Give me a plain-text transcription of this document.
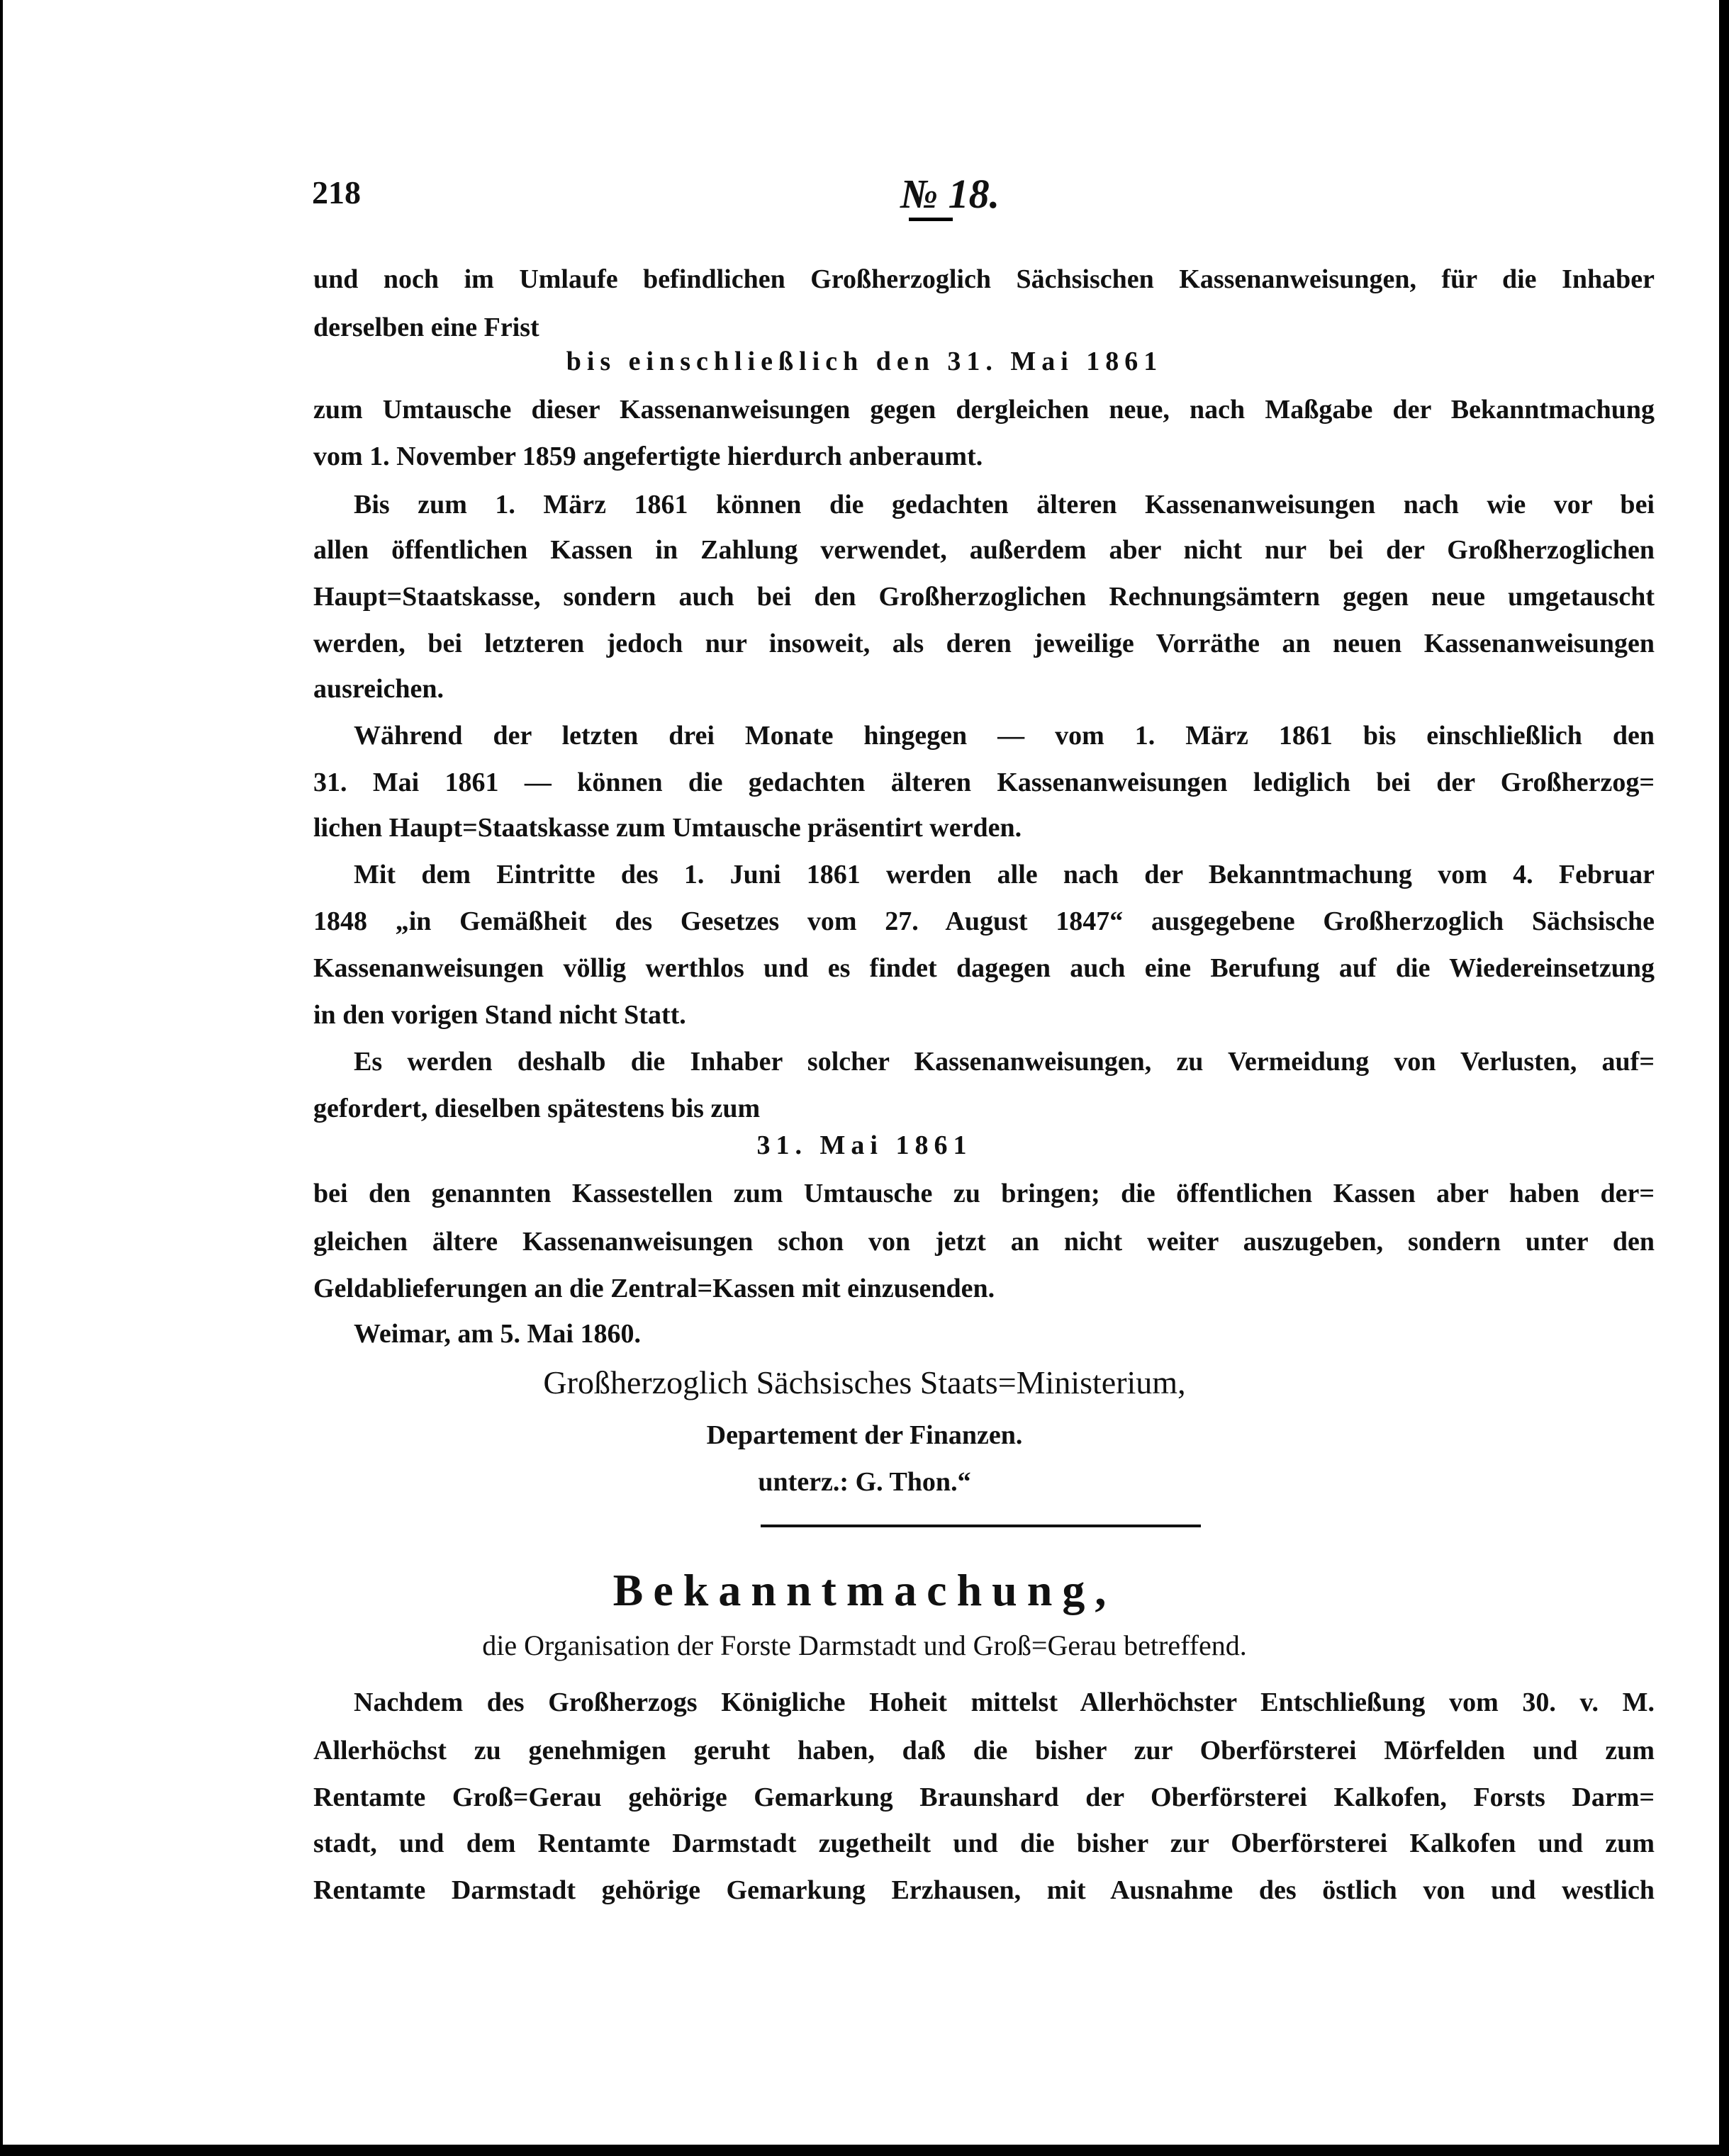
218	№ 18.
und noch im Umlaufe befindlichen Großherzoglich Sächsischen Kassenanweisungen, für die Inhaber
derselben eine Frist
bis einschließlich den 31. Mai 1861
zum Umtausche dieser Kassenanweisungen gegen dergleichen neue, nach Maßgabe der Bekanntmachung
vom 1. November 1859 angefertigte hierdurch anberaumt.
Bis zum 1. März 1861 können die gedachten älteren Kassenanweisungen nach wie vor bei
allen öffentlichen Kassen in Zahlung verwendet, außerdem aber nicht nur bei der Großherzoglichen
Haupt=Staatskasse, sondern auch bei den Großherzoglichen Rechnungsämtern gegen neue umgetauscht
werden, bei letzteren jedoch nur insoweit, als deren jeweilige Vorräthe an neuen Kassenanweisungen
ausreichen.
Während der letzten drei Monate hingegen — vom 1. März 1861 bis einschließlich den
31. Mai 1861 — können die gedachten älteren Kassenanweisungen lediglich bei der Großherzog=
lichen Haupt=Staatskasse zum Umtausche präsentirt werden.
Mit dem Eintritte des 1. Juni 1861 werden alle nach der Bekanntmachung vom 4. Februar
1848 „in Gemäßheit des Gesetzes vom 27. August 1847“ ausgegebene Großherzoglich Sächsische
Kassenanweisungen völlig werthlos und es findet dagegen auch eine Berufung auf die Wiedereinsetzung
in den vorigen Stand nicht Statt.
Es werden deshalb die Inhaber solcher Kassenanweisungen, zu Vermeidung von Verlusten, auf=
gefordert, dieselben spätestens bis zum
31. Mai 1861
bei den genannten Kassestellen zum Umtausche zu bringen; die öffentlichen Kassen aber haben der=
gleichen ältere Kassenanweisungen schon von jetzt an nicht weiter auszugeben, sondern unter den
Geldablieferungen an die Zentral=Kassen mit einzusenden.
Weimar, am 5. Mai 1860.
Großherzoglich Sächsisches Staats=Ministerium,
Departement der Finanzen.
unterz.: G. Thon.“
Bekanntmachung,
die Organisation der Forste Darmstadt und Groß=Gerau betreffend.
Nachdem des Großherzogs Königliche Hoheit mittelst Allerhöchster Entschließung vom 30. v. M.
Allerhöchst zu genehmigen geruht haben, daß die bisher zur Oberförsterei Mörfelden und zum
Rentamte Groß=Gerau gehörige Gemarkung Braunshard der Oberförsterei Kalkofen, Forsts Darm=
stadt, und dem Rentamte Darmstadt zugetheilt und die bisher zur Oberförsterei Kalkofen und zum
Rentamte Darmstadt gehörige Gemarkung Erzhausen, mit Ausnahme des östlich von und westlich
